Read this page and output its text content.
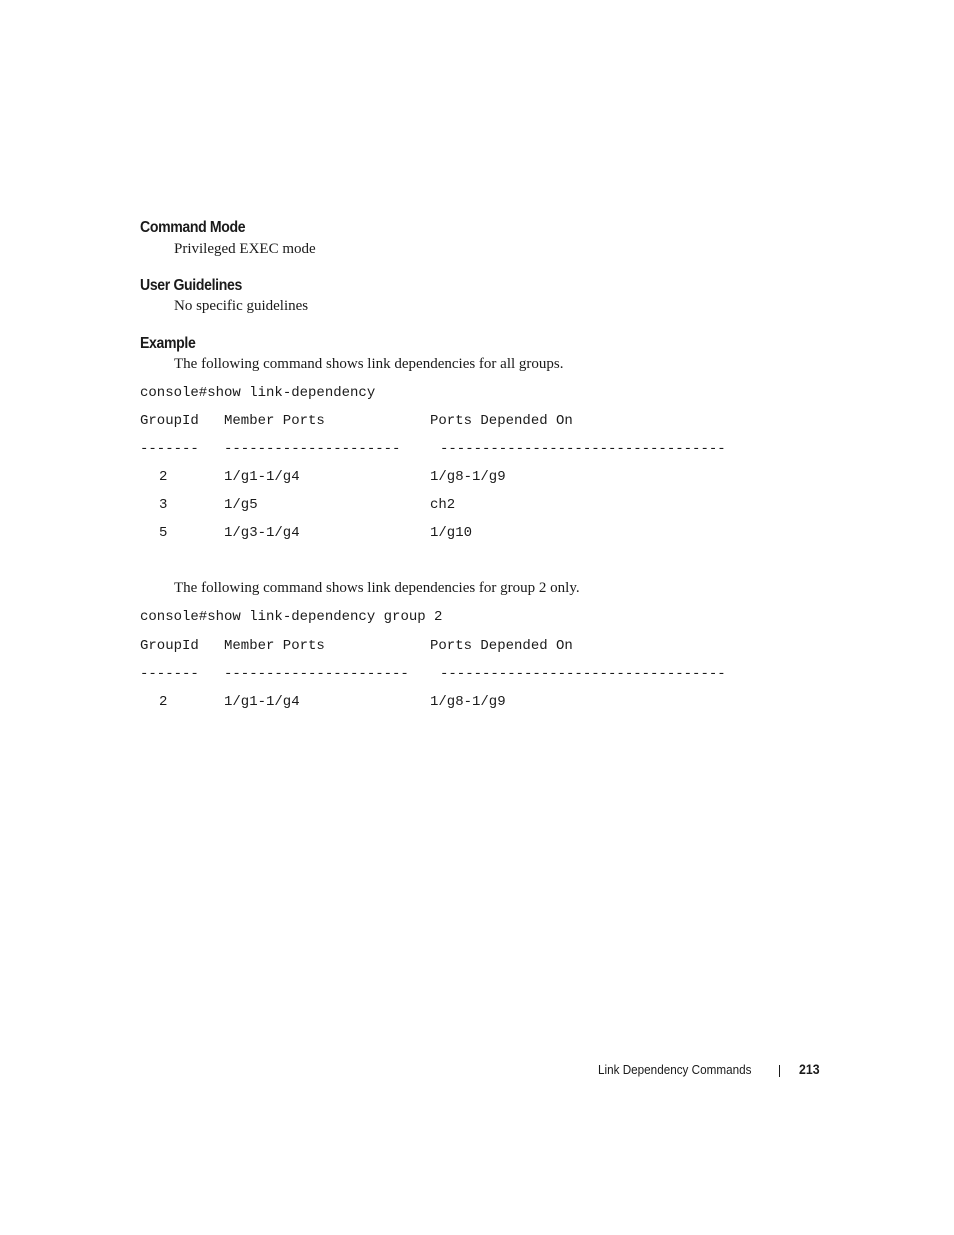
Command Mode
Privileged EXEC mode
User Guidelines
No specific guidelines
Example
The following command shows link dependencies for all groups.
console#show link-dependency
GroupId Member Ports	Ports Depended On
------- ---------------------	----------------------------------
2	1/g1-1/g4	1/g8-1/g9
3	1/g5	ch2
5	1/g3-1/g4	1/g10
The following command shows link dependencies for group 2 only.
console#show link-dependency group 2
GroupId Member Ports	Ports Depended On
------- ---------------------- ----------------------------------
2	1/g1-1/g4	1/g8-1/g9
Link Dependency Commands	213
